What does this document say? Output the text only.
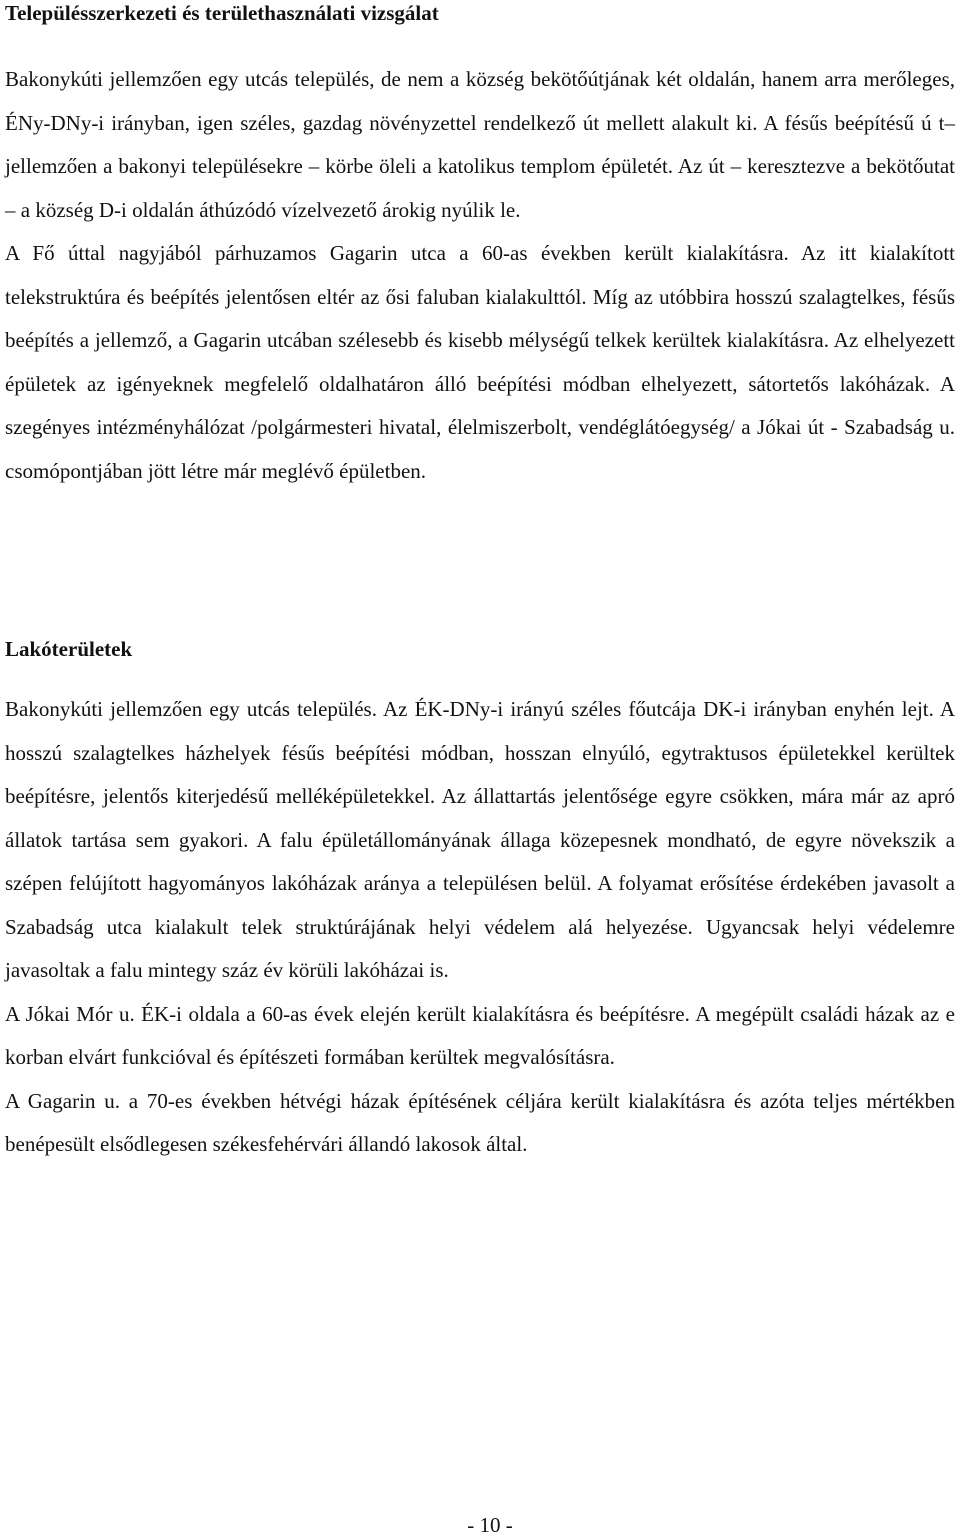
Településszerkezeti és területhasználati vizsgálat

Bakonykúti jellemzően egy utcás település, de nem a község bekötőútjának két oldalán, hanem arra merőleges, ÉNy-DNy-i irányban, igen széles, gazdag növényzettel rendelkező út mellett alakult ki. A fésűs beépítésű ú t– jellemzően a bakonyi településekre – körbe öleli a katolikus templom épületét. Az út – keresztezve a bekötőutat – a község D-i oldalán áthúzódó vízelvezető árokig nyúlik le.

A Fő úttal nagyjából párhuzamos Gagarin utca a 60-as években került kialakításra. Az itt kialakított telekstruktúra és beépítés jelentősen eltér az ősi faluban kialakulttól. Míg az utóbbira hosszú szalagtelkes, fésűs beépítés a jellemző, a Gagarin utcában szélesebb és kisebb mélységű telkek kerültek kialakításra. Az elhelyezett épületek az igényeknek megfelelő oldalhatáron álló beépítési módban elhelyezett, sátortetős lakóházak. A szegényes intézményhálózat /polgármesteri hivatal, élelmiszerbolt, vendéglátóegység/ a Jókai út - Szabadság u. csomópontjában jött létre már meglévő épületben.

Lakóterületek

Bakonykúti jellemzően egy utcás település. Az ÉK-DNy-i irányú széles főutcája DK-i irányban enyhén lejt. A hosszú szalagtelkes házhelyek fésűs beépítési módban, hosszan elnyúló, egytraktusos épületekkel kerültek beépítésre, jelentős kiterjedésű melléképületekkel. Az állattartás jelentősége egyre csökken, mára már az apró állatok tartása sem gyakori. A falu épületállományának állaga közepesnek mondható, de egyre növekszik a szépen felújított hagyományos lakóházak aránya a településen belül. A folyamat erősítése érdekében javasolt a Szabadság utca kialakult telek struktúrájának helyi védelem alá helyezése. Ugyancsak helyi védelemre javasoltak a falu mintegy száz év körüli lakóházai is.

A Jókai Mór u. ÉK-i oldala a 60-as évek elején került kialakításra és beépítésre. A megépült családi házak az e korban elvárt funkcióval és építészeti formában kerültek megvalósításra.

A Gagarin u. a 70-es években hétvégi házak építésének céljára került kialakításra és azóta teljes mértékben benépesült elsődlegesen székesfehérvári állandó lakosok által.

- 10 -
